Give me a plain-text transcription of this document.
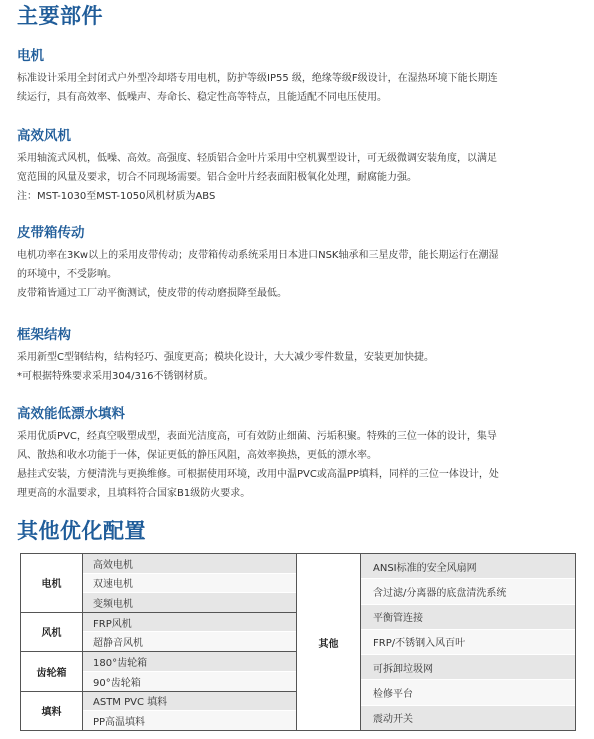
主要部件
电机

标准设计采用全封闭式户外型冷却塔专用电机，防护等级IP55 级，绝缘等级F级设计，在湿热环境下能长期连

续运行，具有高效率、低噪声、寿命长、稳定性高等特点，且能适配不同电压使用。

高效风机

采用轴流式风机，低噪、高效。高强度、轻质铝合金叶片采用中空机翼型设计，可无级微调安装角度，以满足

宽范围的风量及要求，切合不同现场需要。铝合金叶片经表面阳极氧化处理，耐腐能力强。

注：MST-1030至MST-1050风机材质为ABS

皮带箱传动

电机功率在3Kw以上的采用皮带传动；皮带箱传动系统采用日本进口NSK轴承和三星皮带，能长期运行在潮湿

的环境中，不受影响。

皮带箱皆通过工厂动平衡测试，使皮带的传动磨损降至最低。

框架结构

采用新型C型钢结构，结构轻巧、强度更高；模块化设计，大大减少零件数量，安装更加快捷。

*可根据特殊要求采用304/316不锈钢材质。

高效能低漂水填料

采用优质PVC，经真空吸塑成型，表面光洁度高，可有效防止细菌、污垢积聚。特殊的三位一体的设计，集导

风、散热和收水功能于一体，保证更低的静压风阻，高效率换热，更低的漂水率。

悬挂式安装，方便清洗与更换维修。可根据使用环境，改用中温PVC或高温PP填料，同样的三位一体设计，处

理更高的水温要求，且填料符合国家B1级防火要求。

其他优化配置
电机
高效电机
双速电机
变频电机
风机
FRP风机
超静音风机
齿轮箱
180°齿轮箱
90°齿轮箱
填料
ASTM PVC 填料
PP高温填料
其他
ANSI标准的安全风扇网
含过滤/分离器的底盘清洗系统
平衡管连接
FRP/不锈钢入风百叶
可拆卸垃圾网
检修平台
震动开关
